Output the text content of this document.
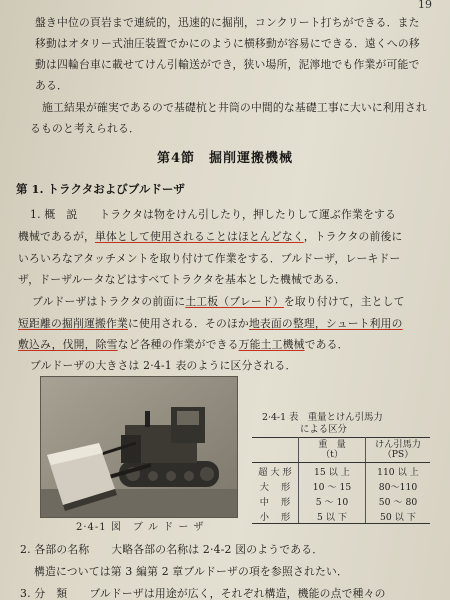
19
盤き中位の頁岩まで連続的，迅速的に掘削，コンクリート打ちができる．また
移動はオタリー式油圧装置でかにのように横移動が容易にできる．遠くへの移
動は四輪台車に載せてけん引輸送ができ，狭い場所，泥濘地でも作業が可能で
ある．
施工結果が確実であるので基礎杭と井筒の中間的な基礎工事に大いに利用され
るものと考えられる．
第4節　掘削運搬機械
第 1. トラクタおよびブルドーザ
1. 概　説　　トラクタは物をけん引したり，押したりして運ぶ作業をする
機械であるが，単体として使用されることはほとんどなく，トラクタの前後に
いろいろなアタッチメントを取り付けて作業をする．ブルドーザ，レーキドー
ザ，ドーザルータなどはすべてトラクタを基本とした機械である．
ブルドーザはトラクタの前面に土工板（ブレード）を取り付けて，主として
短距離の掘削運搬作業に使用される．そのほか地表面の整理，シュート利用の
敷込み，伐開，除雪など各種の作業ができる万能土工機械である．
ブルドーザの大きさは 2·4-1 表のように区分される．
2·4-1 図　ブ ル ド ー ザ
2·4-1 表　重量とけん引馬力
による区分
	重　量
（t）	けん引馬力
（PS）
超 大 形	15 以 上	110 以 上
大　 形	10 ～ 15	80～110
中　 形	5 ～ 10	50 ～ 80
小　 形	5 以 下	50 以 下
2. 各部の名称　　大略各部の名称は 2·4-2 図のようである．
構造については第 3 編第 2 章ブルドーザの項を参照されたい．
3. 分　類　　ブルドーザは用途が広く，それぞれ構造，機能の点で種々の
